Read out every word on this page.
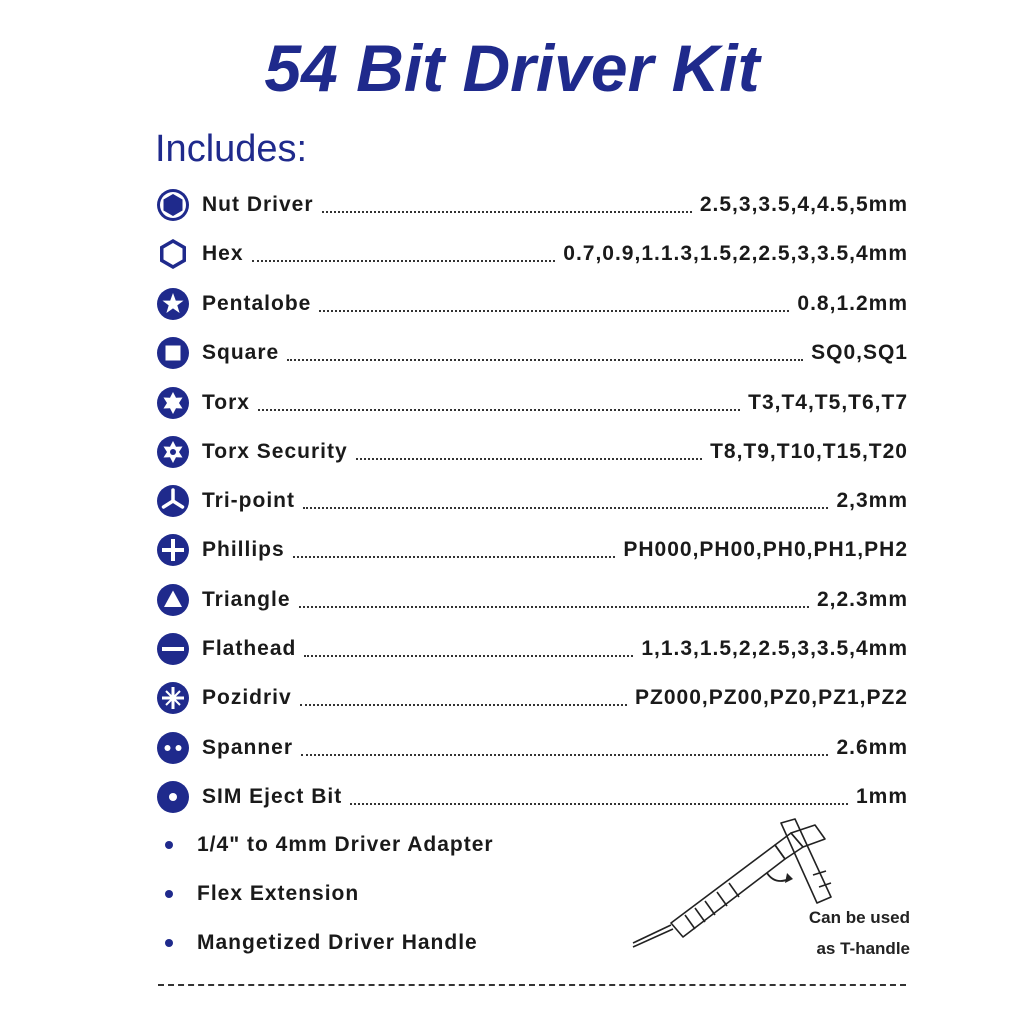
54 Bit Driver Kit
Includes:
Nut Driver	2.5,3,3.5,4,4.5,5mm
Hex	0.7,0.9,1.1.3,1.5,2,2.5,3,3.5,4mm
Pentalobe	0.8,1.2mm
Square	SQ0,SQ1
Torx	T3,T4,T5,T6,T7
Torx Security	T8,T9,T10,T15,T20
Tri-point	2,3mm
Phillips	PH000,PH00,PH0,PH1,PH2
Triangle	2,2.3mm
Flathead	1,1.3,1.5,2,2.5,3,3.5,4mm
Pozidriv	PZ000,PZ00,PZ0,PZ1,PZ2
Spanner	2.6mm
SIM Eject Bit	1mm
1/4" to 4mm Driver Adapter
Flex Extension
Mangetized Driver Handle
Can be used
as T-handle
